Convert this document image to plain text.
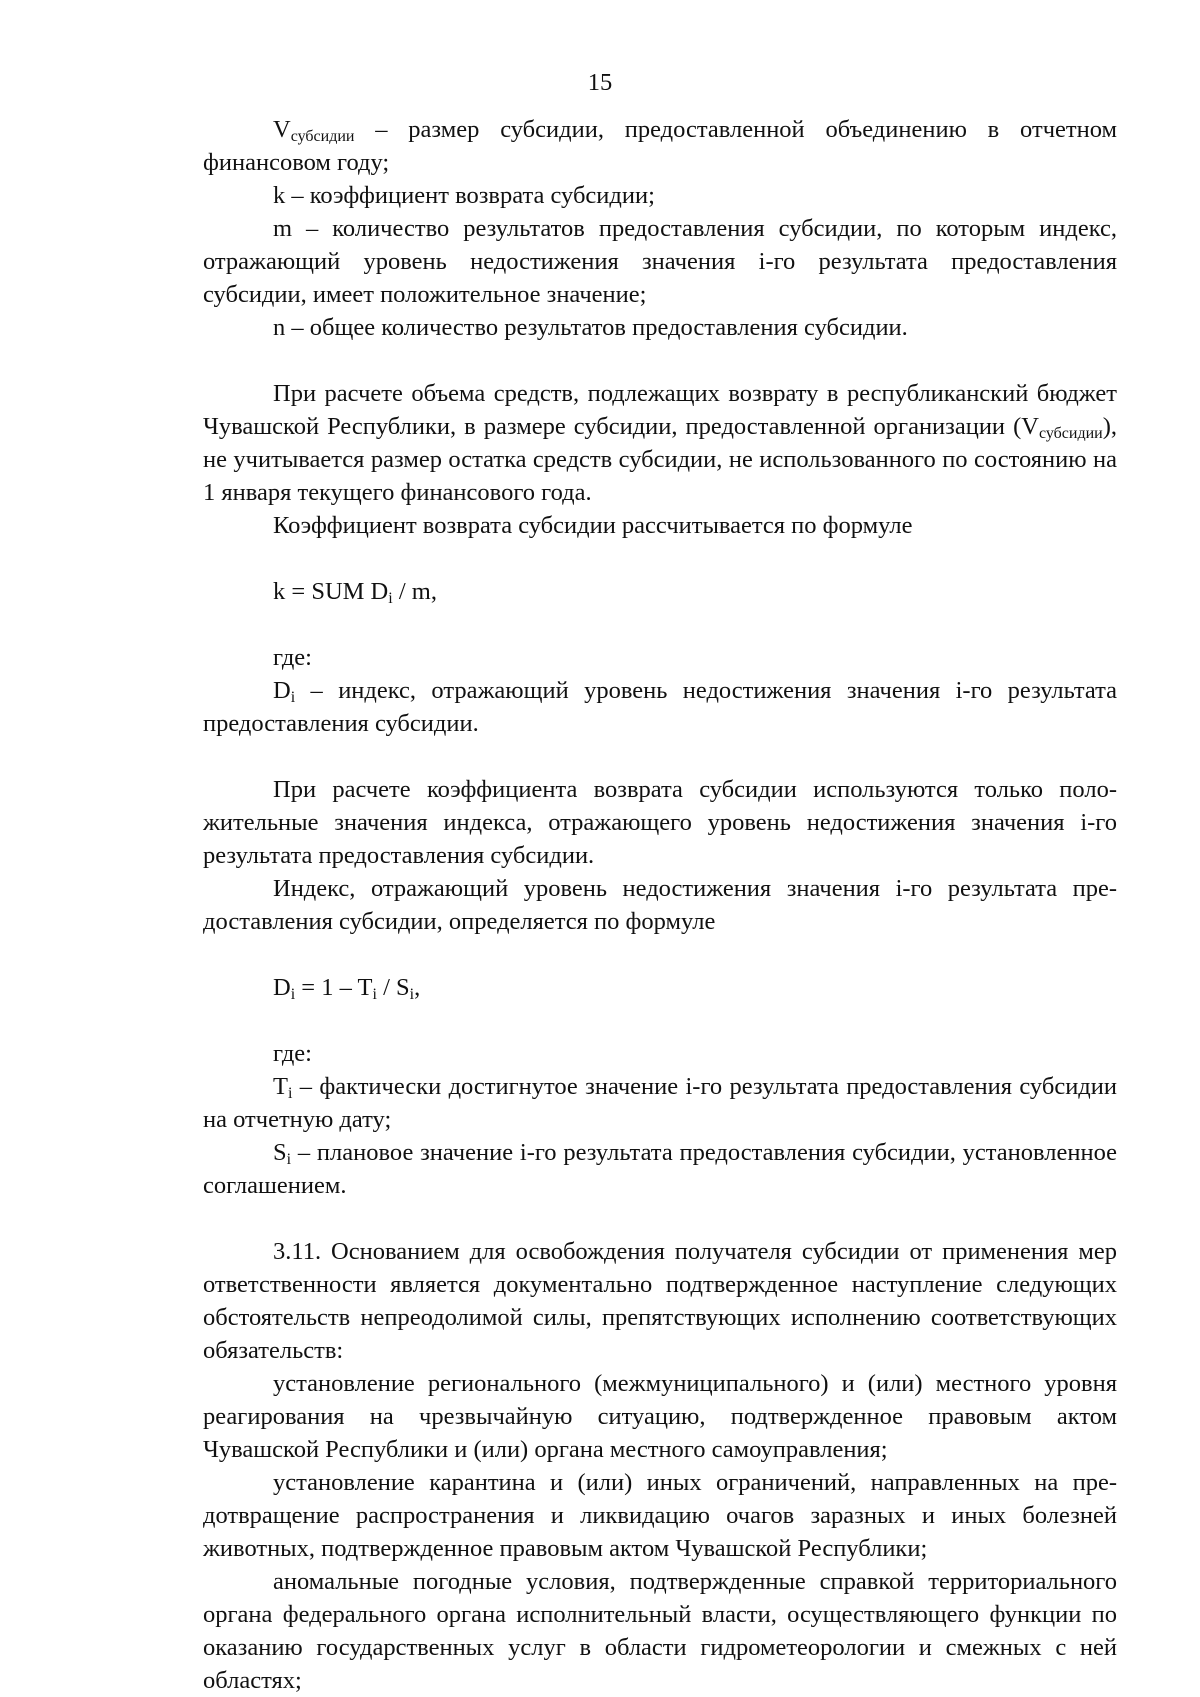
15

$V_{субсидии}$ – размер субсидии, предоставленной объединению в отчетном финансовом году;

k – коэффициент возврата субсидии;

m – количество результатов предоставления субсидии, по которым индекс, отражающий уровень недостижения значения i-го результата предоставления субсидии, имеет положительное значение;

n – общее количество результатов предоставления субсидии.

При расчете объема средств, подлежащих возврату в республиканский бюджет Чувашской Республики, в размере субсидии, предоставленной организации $(V_{субсидии})$, не учитывается размер остатка средств субсидии, не использованного по состоянию на 1 января текущего финансового года.

Коэффициент возврата субсидии рассчитывается по формуле

k = SUM $D_i$ / m,

где:

$D_i$ – индекс, отражающий уровень недостижения значения i-го результата предоставления субсидии.

При расчете коэффициента возврата субсидии используются только положительные значения индекса, отражающего уровень недостижения значения i-го результата предоставления субсидии.

Индекс, отражающий уровень недостижения значения i-го результата предоставления субсидии, определяется по формуле

$D_i = 1 - T_i / S_i$,

где:

$T_i$ – фактически достигнутое значение i-го результата предоставления субсидии на отчетную дату;

$S_i$ – плановое значение i-го результата предоставления субсидии, установленное соглашением.

3.11. Основанием для освобождения получателя субсидии от применения мер ответственности является документально подтвержденное наступление следующих обстоятельств непреодолимой силы, препятствующих исполнению соответствующих обязательств:

установление регионального (межмуниципального) и (или) местного уровня реагирования на чрезвычайную ситуацию, подтвержденное правовым актом Чувашской Республики и (или) органа местного самоуправления;

установление карантина и (или) иных ограничений, направленных на предотвращение распространения и ликвидацию очагов заразных и иных болезней животных, подтвержденное правовым актом Чувашской Республики;

аномальные погодные условия, подтвержденные справкой территориального органа федерального органа исполнительный власти, осуществляющего функции по оказанию государственных услуг в области гидрометеорологии и смежных с ней областях;
